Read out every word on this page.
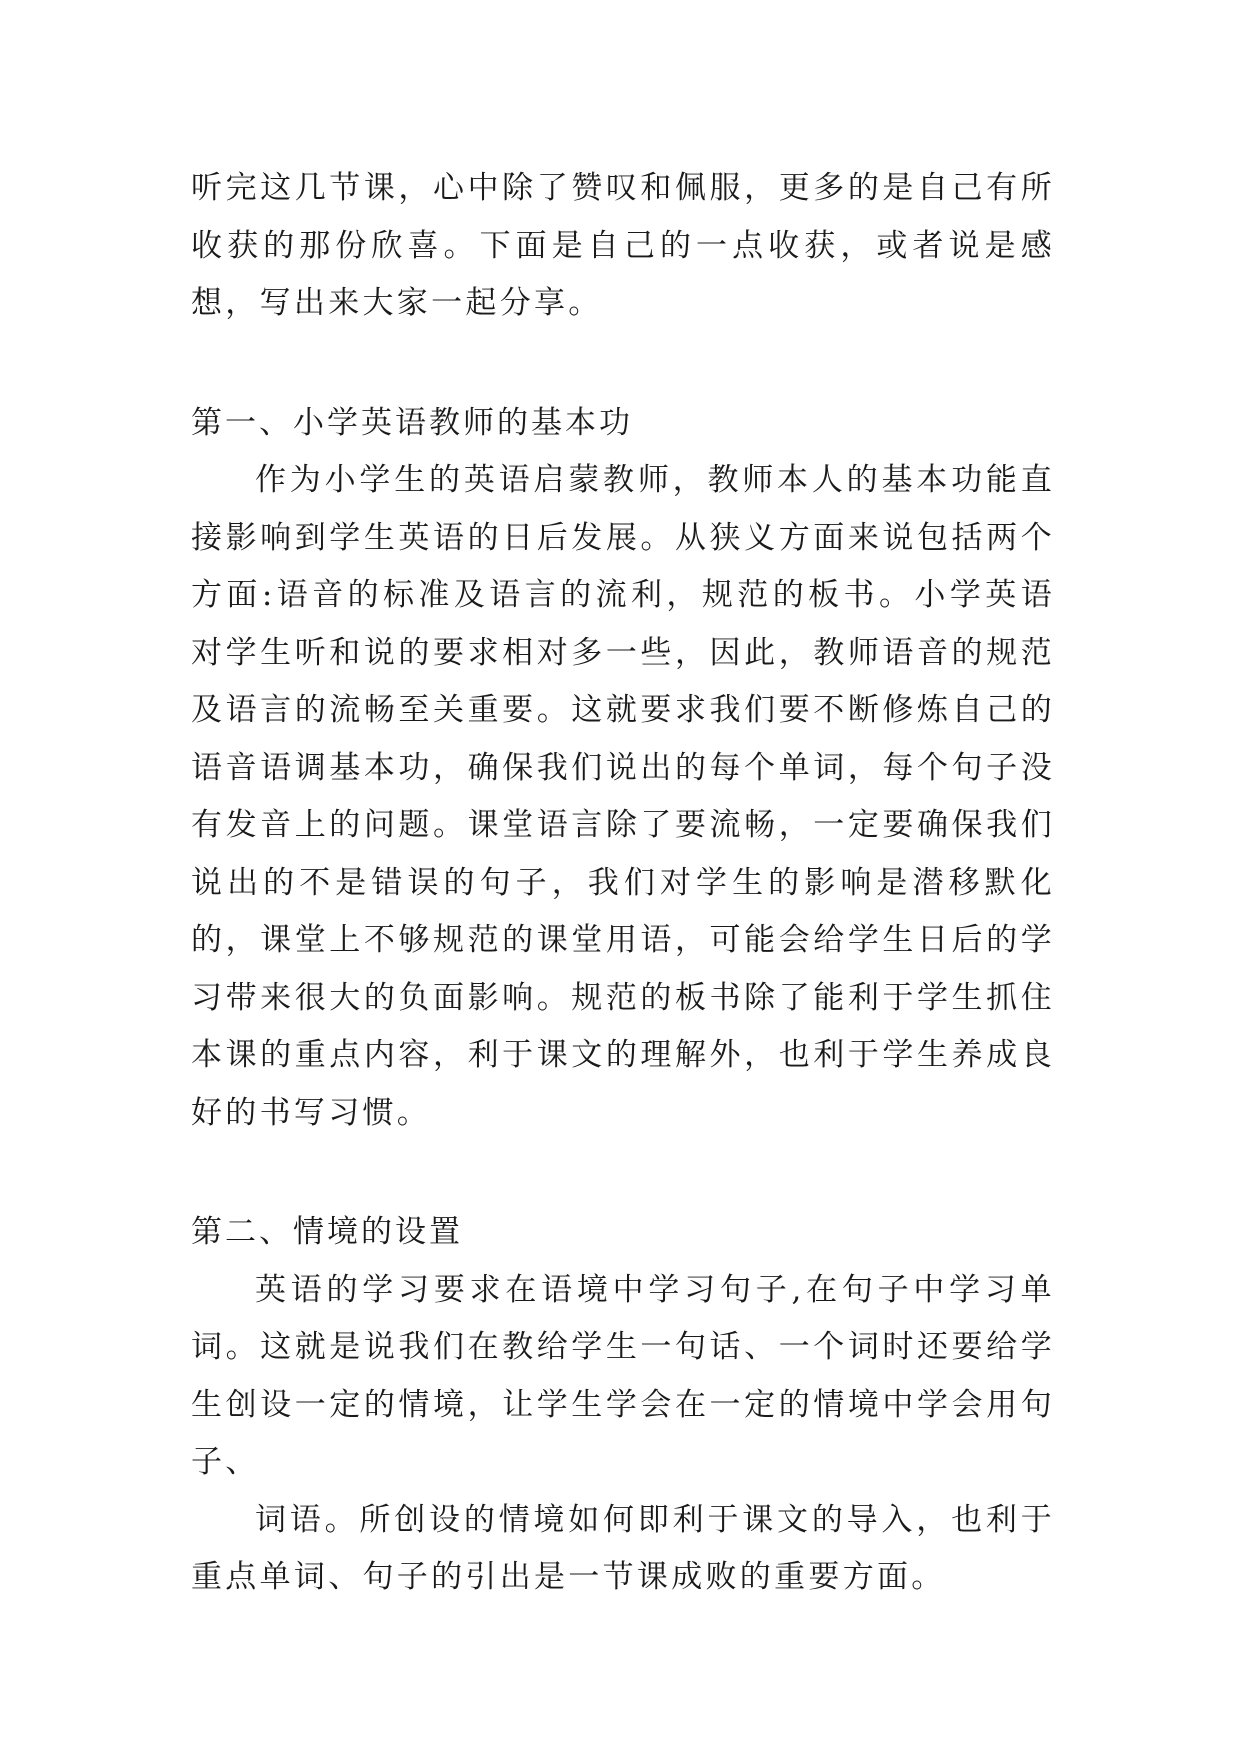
听完这几节课，心中除了赞叹和佩服，更多的是自己有所收获的那份欣喜。下面是自己的一点收获，或者说是感想，写出来大家一起分享。

第一、小学英语教师的基本功

作为小学生的英语启蒙教师，教师本人的基本功能直接影响到学生英语的日后发展。从狭义方面来说包括两个方面:语音的标准及语言的流利，规范的板书。小学英语对学生听和说的要求相对多一些，因此，教师语音的规范及语言的流畅至关重要。这就要求我们要不断修炼自己的语音语调基本功，确保我们说出的每个单词，每个句子没有发音上的问题。课堂语言除了要流畅，一定要确保我们说出的不是错误的句子，我们对学生的影响是潜移默化的，课堂上不够规范的课堂用语，可能会给学生日后的学习带来很大的负面影响。规范的板书除了能利于学生抓住本课的重点内容，利于课文的理解外，也利于学生养成良好的书写习惯。

第二、情境的设置

英语的学习要求在语境中学习句子,在句子中学习单词。这就是说我们在教给学生一句话、一个词时还要给学生创设一定的情境，让学生学会在一定的情境中学会用句子、

词语。所创设的情境如何即利于课文的导入，也利于重点单词、句子的引出是一节课成败的重要方面。
